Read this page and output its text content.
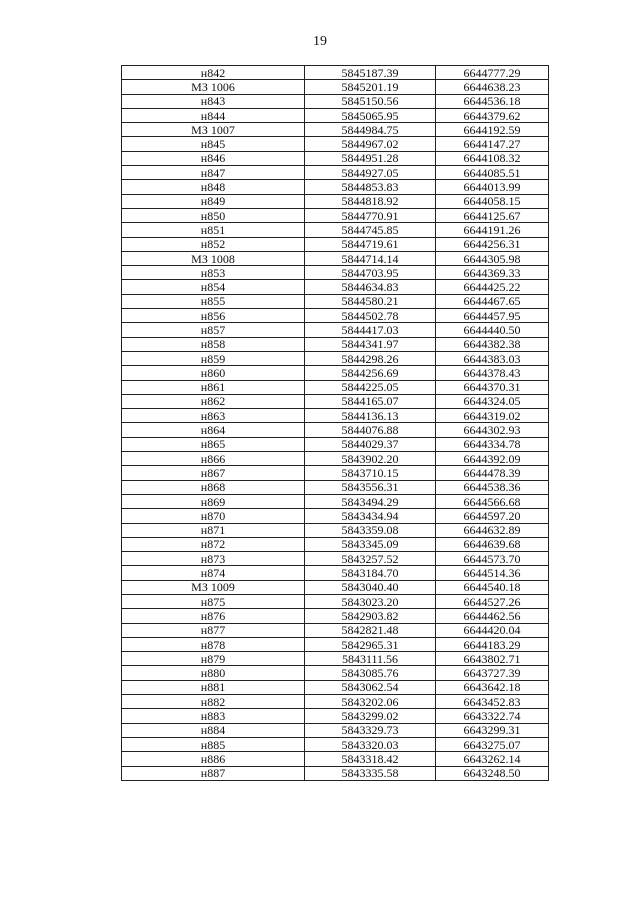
19
н842	5845187.39	6644777.29
МЗ 1006	5845201.19	6644638.23
н843	5845150.56	6644536.18
н844	5845065.95	6644379.62
МЗ 1007	5844984.75	6644192.59
н845	5844967.02	6644147.27
н846	5844951.28	6644108.32
н847	5844927.05	6644085.51
н848	5844853.83	6644013.99
н849	5844818.92	6644058.15
н850	5844770.91	6644125.67
н851	5844745.85	6644191.26
н852	5844719.61	6644256.31
МЗ 1008	5844714.14	6644305.98
н853	5844703.95	6644369.33
н854	5844634.83	6644425.22
н855	5844580.21	6644467.65
н856	5844502.78	6644457.95
н857	5844417.03	6644440.50
н858	5844341.97	6644382.38
н859	5844298.26	6644383.03
н860	5844256.69	6644378.43
н861	5844225.05	6644370.31
н862	5844165.07	6644324.05
н863	5844136.13	6644319.02
н864	5844076.88	6644302.93
н865	5844029.37	6644334.78
н866	5843902.20	6644392.09
н867	5843710.15	6644478.39
н868	5843556.31	6644538.36
н869	5843494.29	6644566.68
н870	5843434.94	6644597.20
н871	5843359.08	6644632.89
н872	5843345.09	6644639.68
н873	5843257.52	6644573.70
н874	5843184.70	6644514.36
МЗ 1009	5843040.40	6644540.18
н875	5843023.20	6644527.26
н876	5842903.82	6644462.56
н877	5842821.48	6644420.04
н878	5842965.31	6644183.29
н879	5843111.56	6643802.71
н880	5843085.76	6643727.39
н881	5843062.54	6643642.18
н882	5843202.06	6643452.83
н883	5843299.02	6643322.74
н884	5843329.73	6643299.31
н885	5843320.03	6643275.07
н886	5843318.42	6643262.14
н887	5843335.58	6643248.50
